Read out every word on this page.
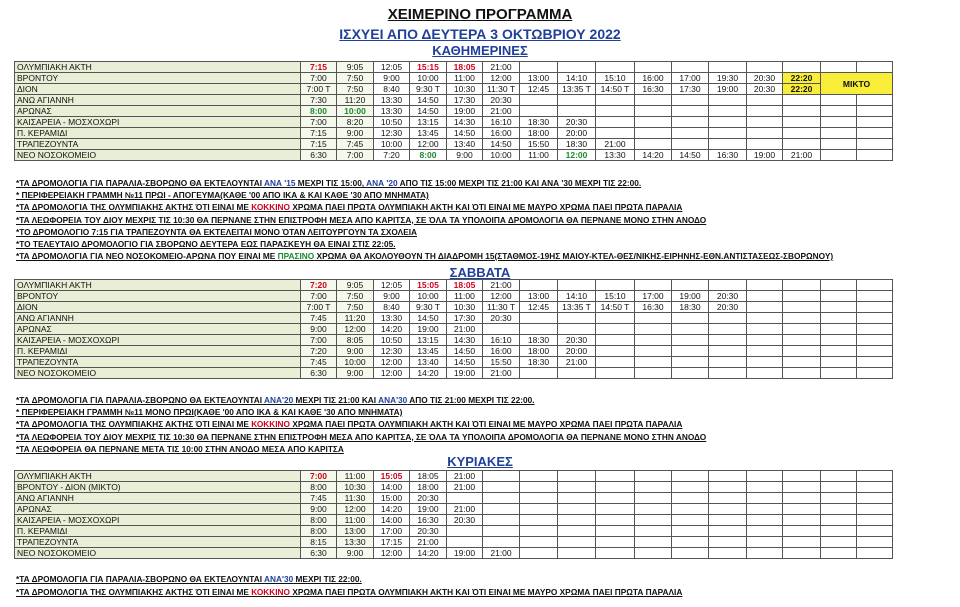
ΧΕΙΜΕΡΙΝΟ ΠΡΟΓΡΑΜΜΑ
ΙΣΧΥΕΙ ΑΠΟ ΔΕΥΤΕΡΑ 3 ΟΚΤΩΒΡΙΟΥ 2022
ΚΑΘΗΜΕΡΙΝΕΣ
ΟΛΥΜΠΙΑΚΗ ΑΚΤΗ	7:15	9:05	12:05	15:15	18:05	21:00										
ΒΡΟΝΤΟΥ	7:00	7:50	9:00	10:00	11:00	12:00	13:00	14:10	15:10	16:00	17:00	19:30	20:30	22:20	ΜΙΚΤΟ	
ΔΙΟΝ	7:00 Τ	7:50	8:40	9:30 Τ	10:30	11:30 Τ	12:45	13:35 Τ	14:50 Τ	16:30	17:30	19:00	20:30	22:20		
ΑΝΩ ΑΓΙΑΝΝΗ	7:30	11:20	13:30	14:50	17:30	20:30										
ΑΡΩΝΑΣ	8:00	10:00	13:30	14:50	19:00	21:00										
ΚΑΙΣΑΡΕΙΑ - ΜΟΣΧΟΧΩΡΙ	7:00	8:20	10:50	13:15	14:30	16:10	18:30	20:30								
Π. ΚΕΡΑΜΙΔΙ	7:15	9:00	12:30	13:45	14:50	16:00	18:00	20:00								
ΤΡΑΠΕΖΟΥΝΤΑ	7:15	7:45	10:00	12:00	13:40	14:50	15:50	18:30	21:00							
ΝΕΟ ΝΟΣΟΚΟΜΕΙΟ	6:30	7:00	7:20	8:00	9:00	10:00	11:00	12:00	13:30	14:20	14:50	16:30	19:00	21:00		
*ΤΑ ΔΡΟΜΟΛΟΓΙΑ ΓΙΑ ΠΑΡΑΛΙΑ-ΣΒΟΡΩΝΟ ΘΑ ΕΚΤΕΛΟΥΝΤΑΙ ΑΝΑ '15 ΜΕΧΡΙ ΤΙΣ 15:00, ΑΝΑ '20 ΑΠΟ ΤΙΣ 15:00 ΜΕΧΡΙ ΤΙΣ 21:00 ΚΑΙ ΑΝΑ '30 ΜΕΧΡΙ ΤΙΣ 22:00.
* ΠΕΡΙΦΕΡΕΙΑΚΗ ΓΡΑΜΜΗ №11 ΠΡΩΙ - ΑΠΟΓΕΥΜΑ(ΚΑΘΕ '00 ΑΠΟ ΙΚΑ & ΚΑΙ ΚΑΘΕ '30 ΑΠΟ ΜΝΗΜΑΤΑ)
*ΤΑ ΔΡΟΜΟΛΟΓΙΑ ΤΗΣ ΟΛΥΜΠΙΑΚΗΣ ΑΚΤΗΣ ΌΤΙ ΕΙΝΑΙ ΜΕ ΚΟΚΚΙΝΟ ΧΡΩΜΑ ΠΑΕΙ ΠΡΩΤΑ ΟΛΥΜΠΙΑΚΗ ΑΚΤΗ ΚΑΙ ΌΤΙ ΕΙΝΑΙ ΜΕ ΜΑΥΡΟ ΧΡΩΜΑ ΠΑΕΙ ΠΡΩΤΑ ΠΑΡΑΛΙΑ
*ΤΑ ΛΕΩΦΟΡΕΙΑ ΤΟΥ ΔΙΟΥ ΜΕΧΡΙΣ ΤΙΣ 10:30 ΘΑ ΠΕΡΝΑΝΕ ΣΤΗΝ ΕΠΙΣΤΡΟΦΗ ΜΕΣΑ ΑΠΟ ΚΑΡΙΤΣΑ, ΣΕ ΌΛΑ ΤΑ ΥΠΟΛΟΙΠΑ ΔΡΟΜΟΛΟΓΙΑ ΘΑ ΠΕΡΝΑΝΕ ΜΟΝΟ ΣΤΗΝ ΑΝΟΔΟ
*ΤΟ ΔΡΟΜΟΛΟΓΙΟ 7:15 ΓΙΑ ΤΡΑΠΕΖΟΥΝΤΑ ΘΑ ΕΚΤΕΛΕΙΤΑΙ ΜΟΝΟ ΌΤΑΝ ΛΕΙΤΟΥΡΓΟΥΝ ΤΑ ΣΧΟΛΕΙΑ
*ΤΟ ΤΕΛΕΥΤΑΙΟ ΔΡΟΜΟΛΟΓΙΟ ΓΙΑ ΣΒΟΡΩΝΟ ΔΕΥΤΕΡΑ ΕΩΣ ΠΑΡΑΣΚΕΥΗ ΘΑ ΕΙΝΑΙ ΣΤΙΣ 22:05.
*ΤΑ ΔΡΟΜΟΛΟΓΙΑ ΓΙΑ ΝΕΟ ΝΟΣΟΚΟΜΕΙΟ-ΑΡΩΝΑ ΠΟΥ ΕΙΝΑΙ ΜΕ ΠΡΑΣΙΝΟ ΧΡΩΜΑ ΘΑ ΑΚΟΛΟΥΘΟΥΝ ΤΗ ΔΙΑΔΡΟΜΗ 15(ΣΤΑΘΜΟΣ-19ΗΣ ΜΑΙΟΥ-ΚΤΕΛ-ΘΕΣ/ΝΙΚΗΣ-ΕΙΡΗΝΗΣ-ΕΘΝ.ΑΝΤΙΣΤΑΣΕΩΣ-ΣΒΟΡΩΝΟΥ)
ΣΑΒΒΑΤΑ
ΟΛΥΜΠΙΑΚΗ ΑΚΤΗ	7:20	9:05	12:05	15:05	18:05	21:00										
ΒΡΟΝΤΟΥ	7:00	7:50	9:00	10:00	11:00	12:00	13:00	14:10	15:10	17:00	19:00	20:30				
ΔΙΟΝ	7:00 Τ	7:50	8:40	9:30 Τ	10:30	11:30 Τ	12:45	13:35 Τ	14:50 Τ	16:30	18:30	20:30				
ΑΝΩ ΑΓΙΑΝΝΗ	7:45	11:20	13:30	14:50	17:30	20:30										
ΑΡΩΝΑΣ	9:00	12:00	14:20	19:00	21:00											
ΚΑΙΣΑΡΕΙΑ - ΜΟΣΧΟΧΩΡΙ	7:00	8:05	10:50	13:15	14:30	16:10	18:30	20:30								
Π. ΚΕΡΑΜΙΔΙ	7:20	9:00	12:30	13:45	14:50	16:00	18:00	20:00								
ΤΡΑΠΕΖΟΥΝΤΑ	7:45	10:00	12:00	13:40	14:50	15:50	18:30	21:00								
ΝΕΟ ΝΟΣΟΚΟΜΕΙΟ	6:30	9:00	12:00	14:20	19:00	21:00										
*ΤΑ ΔΡΟΜΟΛΟΓΙΑ ΓΙΑ ΠΑΡΑΛΙΑ-ΣΒΟΡΩΝΟ ΘΑ ΕΚΤΕΛΟΥΝΤΑΙ ΑΝΑ'20 ΜΕΧΡΙ ΤΙΣ 21:00 ΚΑΙ ΑΝΑ'30 ΑΠΟ ΤΙΣ 21:00 ΜΕΧΡΙ ΤΙΣ 22:00.
* ΠΕΡΙΦΕΡΕΙΑΚΗ ΓΡΑΜΜΗ №11 ΜΟΝΟ ΠΡΩΙ(ΚΑΘΕ '00 ΑΠΟ ΙΚΑ & ΚΑΙ ΚΑΘΕ '30 ΑΠΟ ΜΝΗΜΑΤΑ)
*ΤΑ ΔΡΟΜΟΛΟΓΙΑ ΤΗΣ ΟΛΥΜΠΙΑΚΗΣ ΑΚΤΗΣ ΌΤΙ ΕΙΝΑΙ ΜΕ ΚΟΚΚΙΝΟ ΧΡΩΜΑ ΠΑΕΙ ΠΡΩΤΑ ΟΛΥΜΠΙΑΚΗ ΑΚΤΗ ΚΑΙ ΌΤΙ ΕΙΝΑΙ ΜΕ ΜΑΥΡΟ ΧΡΩΜΑ ΠΑΕΙ ΠΡΩΤΑ ΠΑΡΑΛΙΑ
*ΤΑ ΛΕΩΦΟΡΕΙΑ ΤΟΥ ΔΙΟΥ ΜΕΧΡΙΣ ΤΙΣ 10:30 ΘΑ ΠΕΡΝΑΝΕ ΣΤΗΝ ΕΠΙΣΤΡΟΦΗ ΜΕΣΑ ΑΠΟ ΚΑΡΙΤΣΑ, ΣΕ ΌΛΑ ΤΑ ΥΠΟΛΟΙΠΑ ΔΡΟΜΟΛΟΓΙΑ ΘΑ ΠΕΡΝΑΝΕ ΜΟΝΟ ΣΤΗΝ ΑΝΟΔΟ
*ΤΑ ΛΕΩΦΟΡΕΙΑ ΘΑ ΠΕΡΝΑΝΕ ΜΕΤΑ ΤΙΣ 10:00 ΣΤΗΝ ΑΝΟΔΟ ΜΕΣΑ ΑΠΟ ΚΑΡΙΤΣΑ
ΚΥΡΙΑΚΕΣ
ΟΛΥΜΠΙΑΚΗ ΑΚΤΗ	7:00	11:00	15:05	18:05	21:00											
ΒΡΟΝΤΟΥ - ΔΙΟΝ (ΜΙΚΤΟ)	8:00	10:30	14:00	18:00	21:00											
ΑΝΩ ΑΓΙΑΝΝΗ	7:45	11:30	15:00	20:30												
ΑΡΩΝΑΣ	9:00	12:00	14:20	19:00	21:00											
ΚΑΙΣΑΡΕΙΑ - ΜΟΣΧΟΧΩΡΙ	8:00	11:00	14:00	16:30	20:30											
Π. ΚΕΡΑΜΙΔΙ	8:00	13:00	17:00	20:30												
ΤΡΑΠΕΖΟΥΝΤΑ	8:15	13:30	17:15	21:00												
ΝΕΟ ΝΟΣΟΚΟΜΕΙΟ	6:30	9:00	12:00	14:20	19:00	21:00										
*ΤΑ ΔΡΟΜΟΛΟΓΙΑ ΓΙΑ ΠΑΡΑΛΙΑ-ΣΒΟΡΩΝΟ ΘΑ ΕΚΤΕΛΟΥΝΤΑΙ ΑΝΑ'30 ΜΕΧΡΙ ΤΙΣ 22:00.
*ΤΑ ΔΡΟΜΟΛΟΓΙΑ ΤΗΣ ΟΛΥΜΠΙΑΚΗΣ ΑΚΤΗΣ ΌΤΙ ΕΙΝΑΙ ΜΕ ΚΟΚΚΙΝΟ ΧΡΩΜΑ ΠΑΕΙ ΠΡΩΤΑ ΟΛΥΜΠΙΑΚΗ ΑΚΤΗ ΚΑΙ ΌΤΙ ΕΙΝΑΙ ΜΕ ΜΑΥΡΟ ΧΡΩΜΑ ΠΑΕΙ ΠΡΩΤΑ ΠΑΡΑΛΙΑ
